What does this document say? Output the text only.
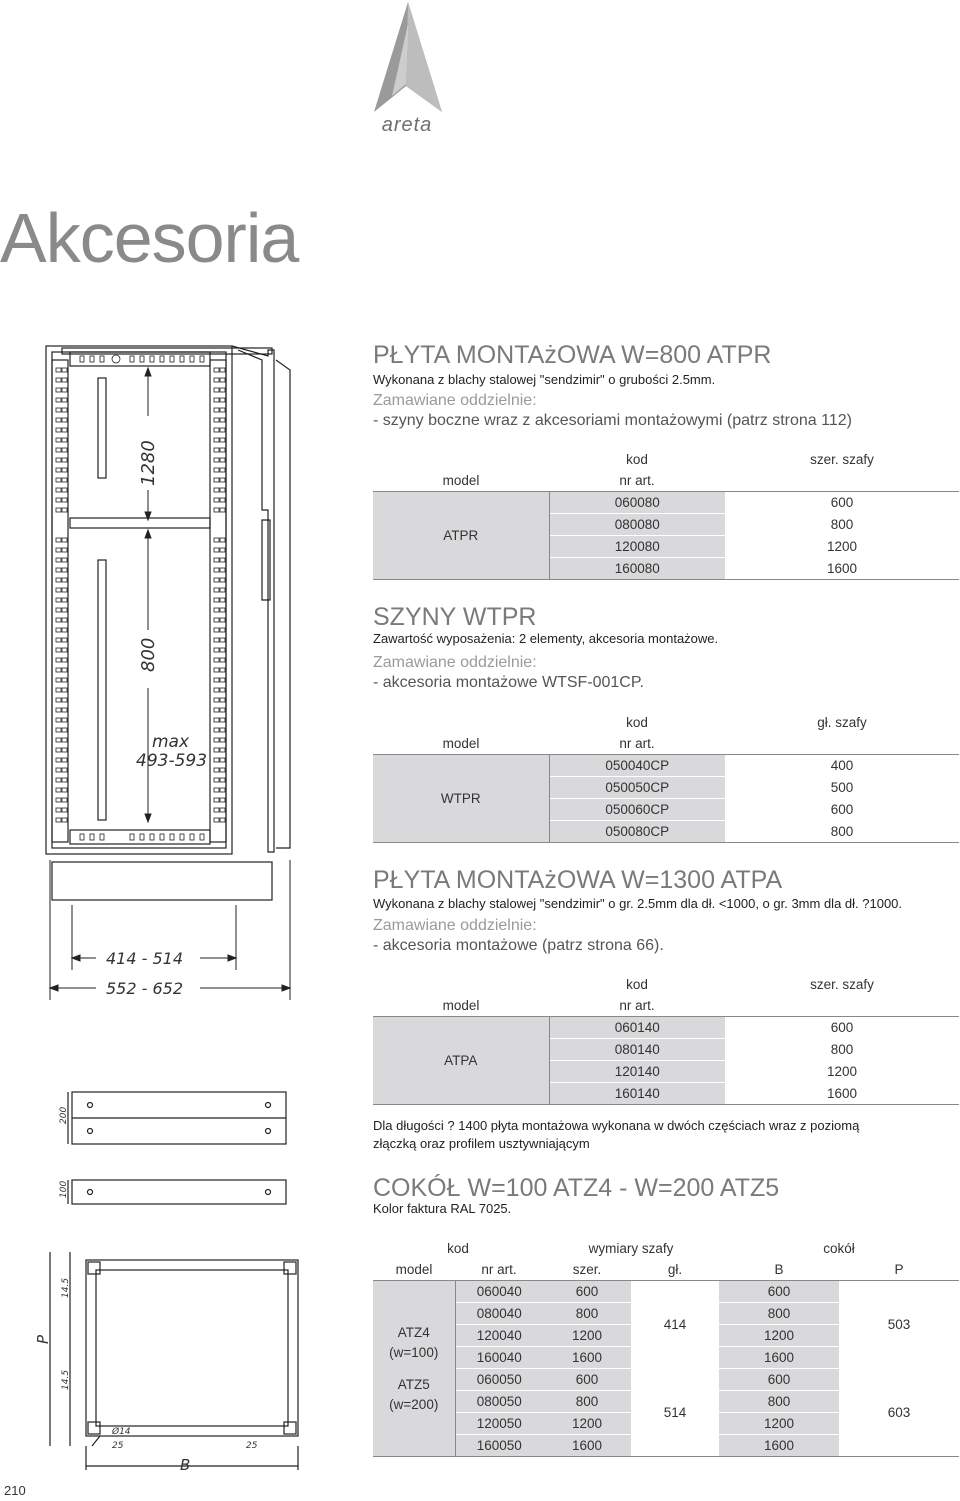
areta
Akcesoria
PŁYTA MONTAżOWA W=800 ATPR
Wykonana z blachy stalowej "sendzimir" o grubości 2.5mm.
Zamawiane oddzielnie:
- szyny boczne wraz z akcesoriami montażowymi (patrz strona 112)
	kod	szer. szafy
model	nr art.	
ATPR	060080	600
	080080	800
	120080	1200
	160080	1600
SZYNY WTPR
Zawartość wyposażenia: 2 elementy, akcesoria montażowe.
Zamawiane oddzielnie:
- akcesoria montażowe WTSF-001CP.
	kod	gł. szafy
model	nr art.	
WTPR	050040CP	400
	050050CP	500
	050060CP	600
	050080CP	800
PŁYTA MONTAżOWA W=1300 ATPA
Wykonana z blachy stalowej "sendzimir" o gr. 2.5mm dla dł. <1000, o gr. 3mm dla dł. ?1000.
Zamawiane oddzielnie:
- akcesoria montażowe (patrz strona 66).
	kod	szer. szafy
model	nr art.	
ATPA	060140	600
	080140	800
	120140	1200
	160140	1600
Dla długości ? 1400 płyta montażowa wykonana w dwóch częściach wraz z poziomą
złączką oraz profilem usztywniającym
COKÓŁ W=100 ATZ4 - W=200 ATZ5
Kolor faktura RAL 7025.
kod		wymiary szafy		cokół	
model	nr art.	szer.	gł.	B	P
ATZ4
(w=100)	060040	600	414	600	503
	080040	800		800	
	120040	1200		1200	
	160040	1600		1600	
ATZ5
(w=200)	060050	600	514	600	603
	080050	800		800	
	120050	1200		1200	
	160050	1600		1600	
210
1280
800
max
493-593
414 - 514
552 - 652
200
100
14.5
14.5
P
B
Ø14
25	25
